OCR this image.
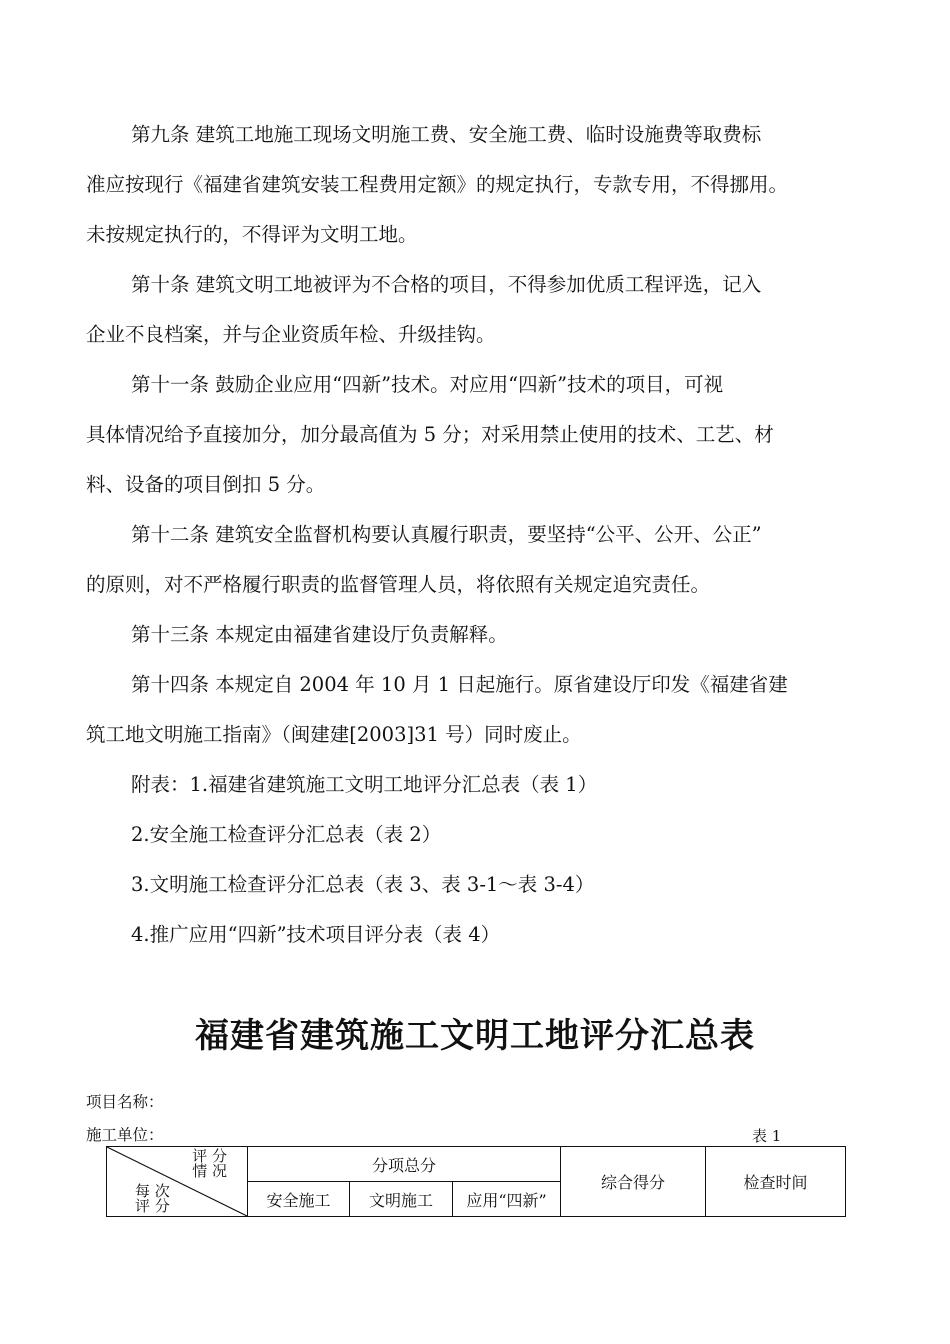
第九条 建筑工地施工现场文明施工费、安全施工费、临时设施费等取费标
准应按现行《福建省建筑安装工程费用定额》的规定执行，专款专用，不得挪用。
未按规定执行的，不得评为文明工地。

第十条 建筑文明工地被评为不合格的项目，不得参加优质工程评选，记入
企业不良档案，并与企业资质年检、升级挂钩。

第十一条 鼓励企业应用“四新”技术。对应用“四新”技术的项目，可视
具体情况给予直接加分，加分最高值为 5 分；对采用禁止使用的技术、工艺、材
料、设备的项目倒扣 5 分。

第十二条 建筑安全监督机构要认真履行职责，要坚持“公平、公开、公正”
的原则，对不严格履行职责的监督管理人员，将依照有关规定追究责任。

第十三条 本规定由福建省建设厅负责解释。

第十四条 本规定自 2004 年 10 月 1 日起施行。原省建设厅印发《福建省建
筑工地文明施工指南》（闽建建[2003]31 号）同时废止。

附表：1.福建省建筑施工文明工地评分汇总表（表 1）

2.安全施工检查评分汇总表（表 2）
3.文明施工检查评分汇总表（表 3、表 3-1～表 3-4）
4.推广应用“四新”技术项目评分表（表 4）

福建省建筑施工文明工地评分汇总表
项目名称：
施工单位：	表 1
评 分
情 况
每 次
评 分	分项总分			综合得分	检查时间
	安全施工	文明施工	应用“四新”		
